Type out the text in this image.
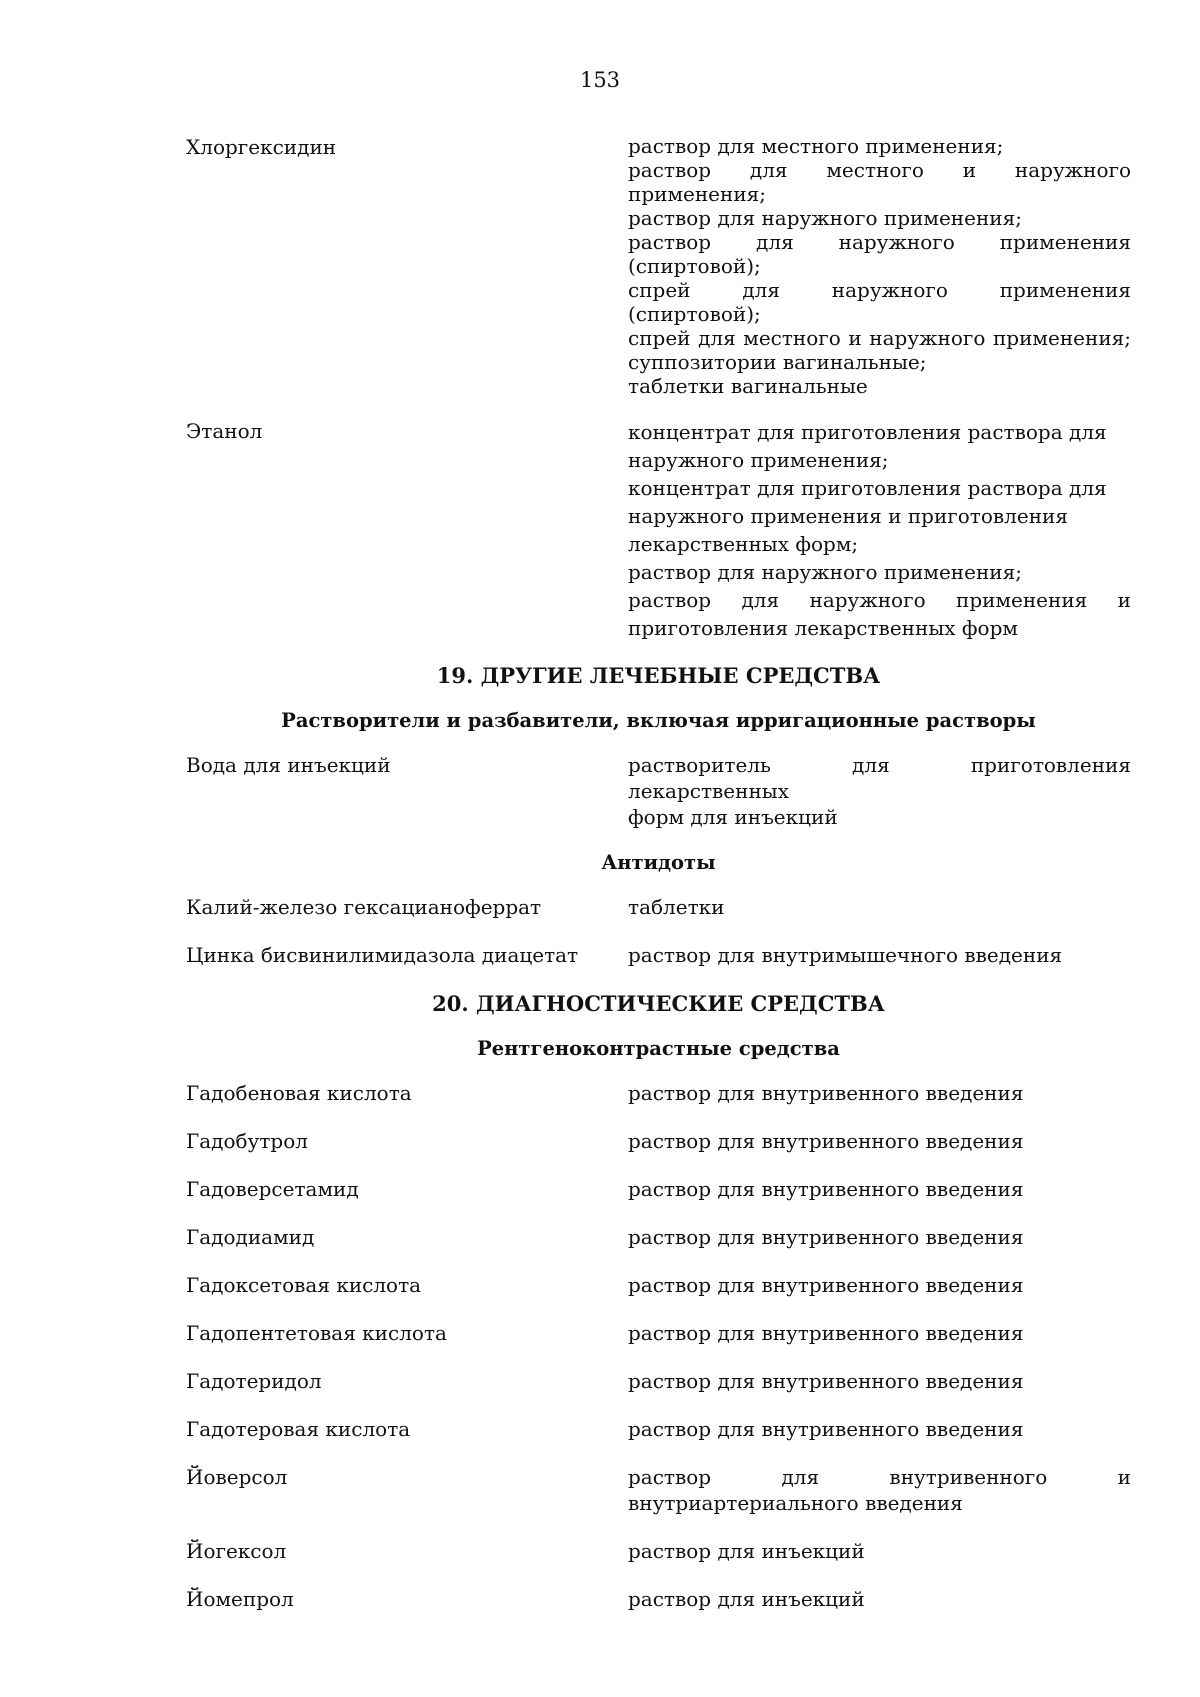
153
Хлоргексидин	раствор для местного применения;
раствор для местного и наружного применения;
раствор для наружного применения;
раствор для наружного применения (спиртовой);
спрей для наружного применения (спиртовой);
спрей для местного и наружного применения;
суппозитории вагинальные;
таблетки вагинальные
Этанол	концентрат для приготовления раствора для
наружного применения;
концентрат для приготовления раствора для
наружного применения и приготовления
лекарственных форм;
раствор для наружного применения;
раствор для наружного применения и
приготовления лекарственных форм
19. ДРУГИЕ ЛЕЧЕБНЫЕ СРЕДСТВА
Растворители и разбавители, включая ирригационные растворы
Вода для инъекций	растворитель для приготовления лекарственных
форм для инъекций
Антидоты
Калий-железо гексацианоферрат	таблетки
Цинка бисвинилимидазола диацетат	раствор для внутримышечного введения
20. ДИАГНОСТИЧЕСКИЕ СРЕДСТВА
Рентгеноконтрастные средства
Гадобеновая кислота	раствор для внутривенного введения
Гадобутрол	раствор для внутривенного введения
Гадоверсетамид	раствор для внутривенного введения
Гадодиамид	раствор для внутривенного введения
Гадоксетовая кислота	раствор для внутривенного введения
Гадопентетовая кислота	раствор для внутривенного введения
Гадотеридол	раствор для внутривенного введения
Гадотеровая кислота	раствор для внутривенного введения
Йоверсол	раствор для внутривенного и
внутриартериального введения
Йогексол	раствор для инъекций
Йомепрол	раствор для инъекций
